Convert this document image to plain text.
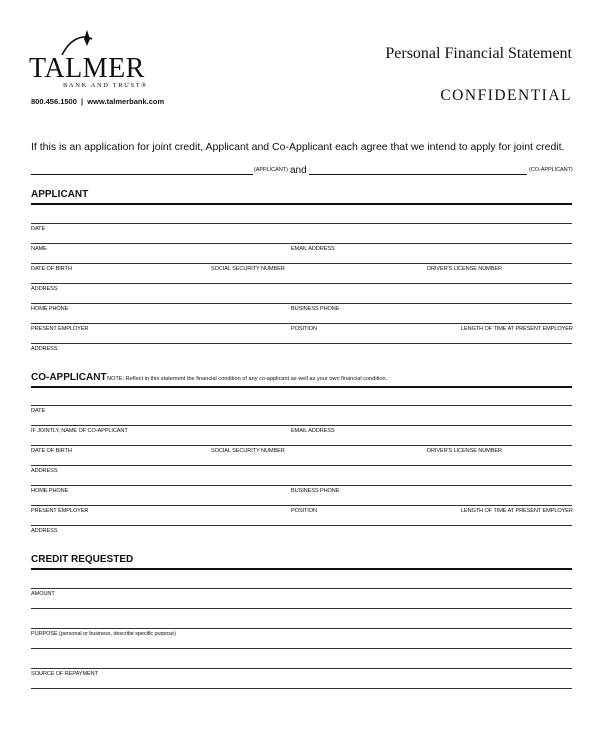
TALMER
BANK AND TRUST®
800.456.1500  |  www.talmerbank.com
Personal Financial Statement
CONFIDENTIAL
If this is an application for joint credit, Applicant and Co-Applicant each agree that we intend to apply for joint credit.
(APPLICANT) and	(CO-APPLICANT)
APPLICANT
DATE
NAME	EMAIL ADDRESS
DATE OF BIRTH	SOCIAL SECURITY NUMBER	DRIVER'S LICENSE NUMBER
ADDRESS
HOME PHONE	BUSINESS PHONE
PRESENT EMPLOYER	POSITION	LENGTH OF TIME AT PRESENT EMPLOYER
ADDRESS
CO-APPLICANT NOTE: Reflect in this statement the financial condition of any co-applicant as well as your own financial condition.
DATE
IF JOINTLY, NAME OF CO-APPLICANT	EMAIL ADDRESS
DATE OF BIRTH	SOCIAL SECURITY NUMBER	DRIVER'S LICENSE NUMBER
ADDRESS
HOME PHONE	BUSINESS PHONE
PRESENT EMPLOYER	POSITION	LENGTH OF TIME AT PRESENT EMPLOYER
ADDRESS
CREDIT REQUESTED
AMOUNT
PURPOSE (personal or business, describe specific purpose)
SOURCE OF REPAYMENT
